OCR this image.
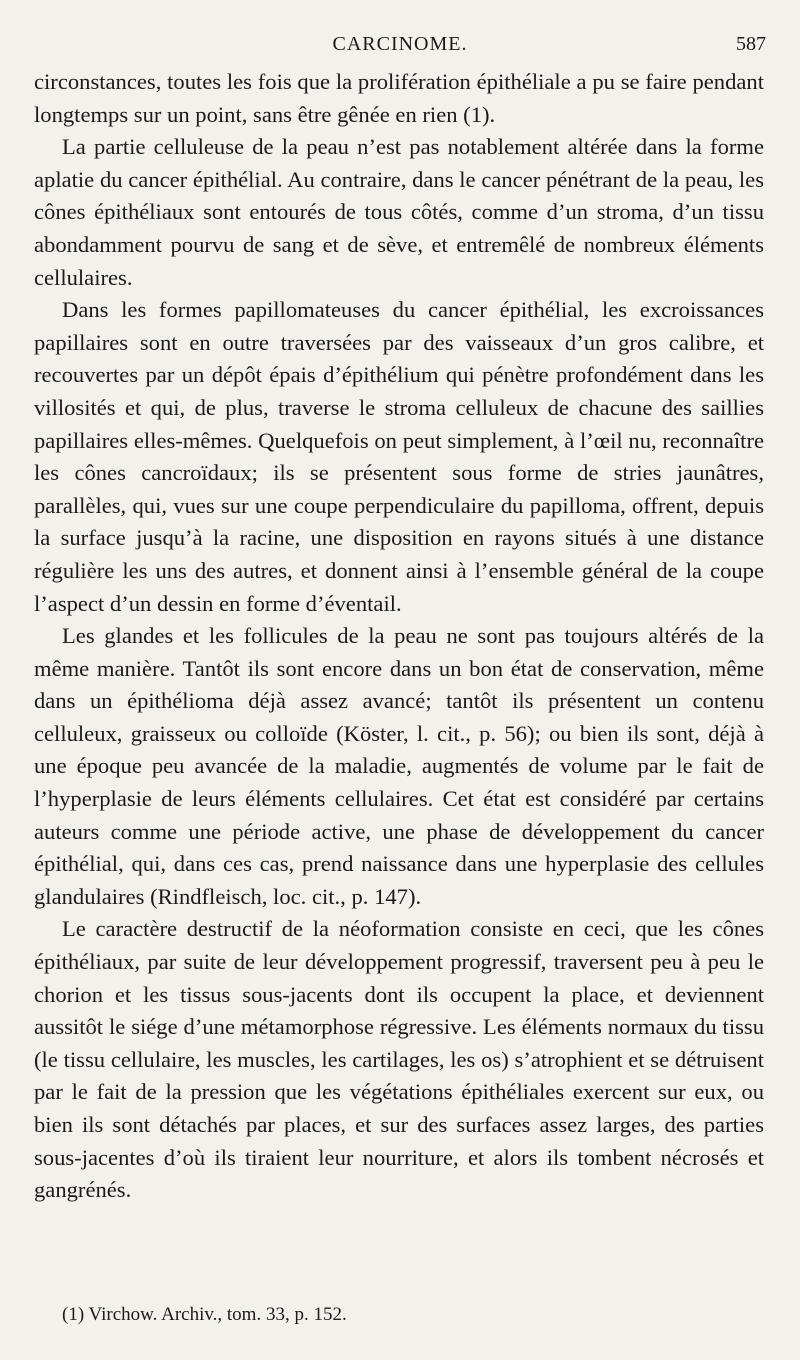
CARCINOME.	587

circonstances, toutes les fois que la prolifération épithéliale a pu se faire pendant longtemps sur un point, sans être gênée en rien (1).

La partie celluleuse de la peau n’est pas notablement altérée dans la forme aplatie du cancer épithélial. Au contraire, dans le cancer pénétrant de la peau, les cônes épithéliaux sont entourés de tous côtés, comme d’un stroma, d’un tissu abondamment pourvu de sang et de sève, et entremêlé de nombreux éléments cellulaires.

Dans les formes papillomateuses du cancer épithélial, les excroissances papillaires sont en outre traversées par des vaisseaux d’un gros calibre, et recouvertes par un dépôt épais d’épithélium qui pénètre profondément dans les villosités et qui, de plus, traverse le stroma celluleux de chacune des saillies papillaires elles-mêmes. Quelquefois on peut simplement, à l’œil nu, reconnaître les cônes cancroïdaux; ils se présentent sous forme de stries jaunâtres, parallèles, qui, vues sur une coupe perpendiculaire du papilloma, offrent, depuis la surface jusqu’à la racine, une disposition en rayons situés à une distance régulière les uns des autres, et donnent ainsi à l’ensemble général de la coupe l’aspect d’un dessin en forme d’éventail.

Les glandes et les follicules de la peau ne sont pas toujours altérés de la même manière. Tantôt ils sont encore dans un bon état de conservation, même dans un épithélioma déjà assez avancé; tantôt ils présentent un contenu celluleux, graisseux ou colloïde (Köster, l. cit., p. 56); ou bien ils sont, déjà à une époque peu avancée de la maladie, augmentés de volume par le fait de l’hyperplasie de leurs éléments cellulaires. Cet état est considéré par certains auteurs comme une période active, une phase de développement du cancer épithélial, qui, dans ces cas, prend naissance dans une hyperplasie des cellules glandulaires (Rindfleisch, loc. cit., p. 147).

Le caractère destructif de la néoformation consiste en ceci, que les cônes épithéliaux, par suite de leur développement progressif, traversent peu à peu le chorion et les tissus sous-jacents dont ils occupent la place, et deviennent aussitôt le siége d’une métamorphose régressive. Les éléments normaux du tissu (le tissu cellulaire, les muscles, les cartilages, les os) s’atrophient et se détruisent par le fait de la pression que les végétations épithéliales exercent sur eux, ou bien ils sont détachés par places, et sur des surfaces assez larges, des parties sous-jacentes d’où ils tiraient leur nourriture, et alors ils tombent nécrosés et gangrénés.

(1) Virchow. Archiv., tom. 33, p. 152.
